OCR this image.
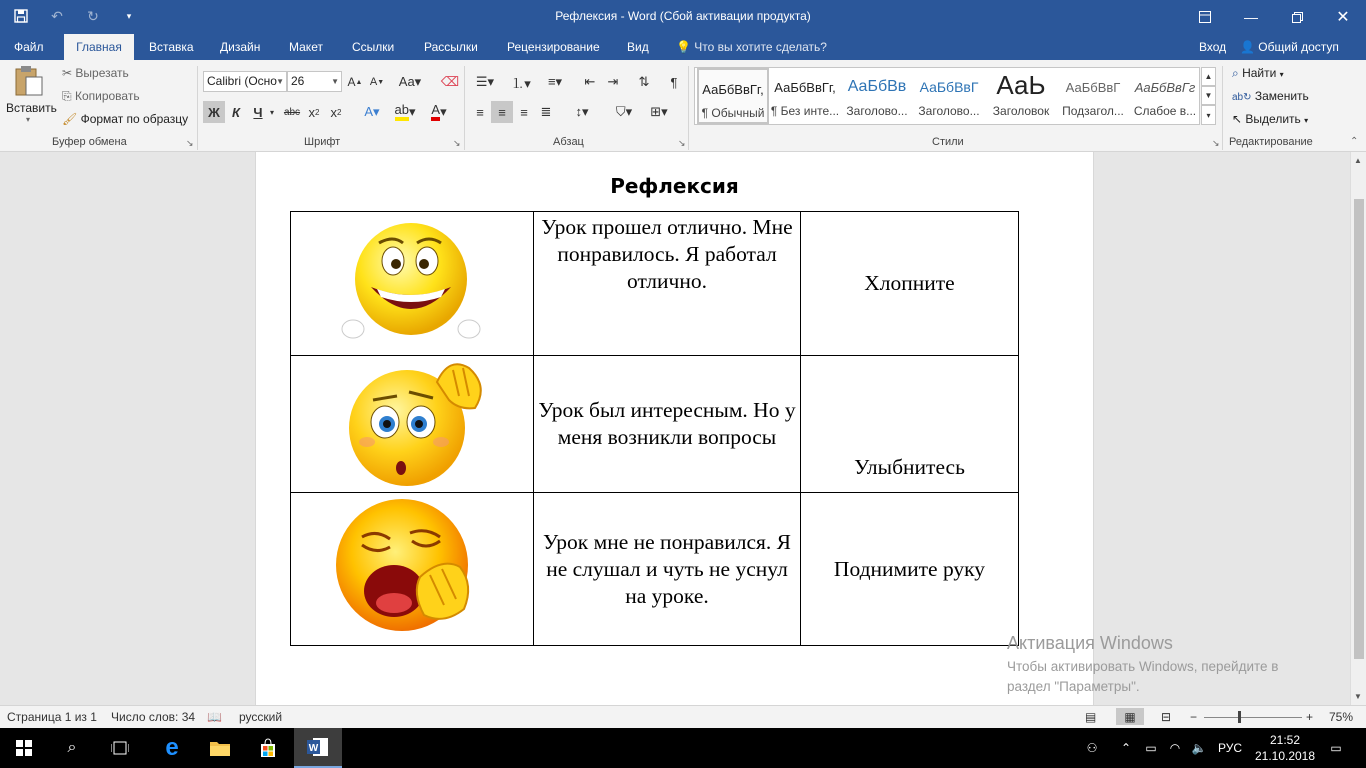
↶	↻	▾	Рефлексия - Word (Сбой активации продукта)	—	✕
Файл	Главная	Вставка	Дизайн	Макет	Ссылки	Рассылки	Рецензирование	Вид	💡 Что вы хотите сделать?	Вход 👤 Общий доступ
Вставить
▾
✂ Вырезать
⎘ Копировать
🖌 Формат по образцу
Буфер обмена	↘
Calibri (Осно ▼ 26	▼ A ▲ A ▼ Aa▾ ⌫
Ж К	Ч ▾ abc x 2 x 2	A▾	ab ▾	A ▾
Шрифт	↘
☰▾	⒈▾	≡▾	⇤ ⇥	⇅	¶
≡	≡	≡ ≣	↕▾	⛉▾	⊞▾
Абзац	↘
АаБбВвГг,
¶ Обычный
АаБбВвГг,
¶ Без инте...
АаБбВв
Заголово...
АаБбВвГ
Заголово...
АаЬ
Заголовок
АаБбВвГ
Подзагол...
АаБбВвГг
Слабое в...
▲
▼
▾
Стили	↘
⌕ Найти ▾
ab↻ Заменить
↖ Выделить ▾
Редактирование	⌃
Рефлексия
	Урок прошел отлично. Мне понравилось. Я работал отлично.	Хлопните
	Урок был интересным. Но у меня возникли вопросы	Улыбнитесь
	Урок мне не понравился. Я не слушал и чуть не уснул на уроке.	Поднимите руку
▲
▼
Активация Windows
Чтобы активировать Windows, перейдите в
раздел "Параметры".
Страница 1 из 1 Число слов: 34 📖 русский	▤	▦	⊟ −	+ 75%
⌕	e	W	⚇	⌃	▭	◠ 🔈 РУС
21:52
21.10.2018
▭
